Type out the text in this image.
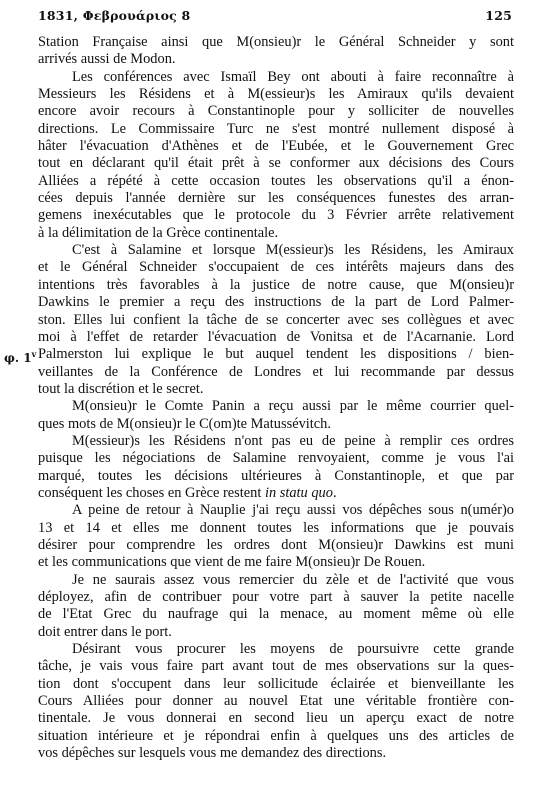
1831, Φεβρουάριος 8	125
Station Française ainsi que M(onsieu)r le Général Schneider y sont
arrivés aussi de Modon.
Les conférences avec Ismaïl Bey ont abouti à faire reconnaître à
Messieurs les Résidens et à M(essieur)s les Amiraux qu'ils devaient
encore avoir recours à Constantinople pour y solliciter de nouvelles
directions. Le Commissaire Turc ne s'est montré nullement disposé à
hâter l'évacuation d'Athènes et de l'Eubée, et le Gouvernement Grec
tout en déclarant qu'il était prêt à se conformer aux décisions des Cours
Alliées a répété à cette occasion toutes les observations qu'il a énon-
cées depuis l'année dernière sur les conséquences funestes des arran-
gemens inexécutables que le protocole du 3 Février arrête relativement
à la délimitation de la Grèce continentale.
C'est à Salamine et lorsque M(essieur)s les Résidens, les Amiraux
et le Général Schneider s'occupaient de ces intérêts majeurs dans des
intentions très favorables à la justice de notre cause, que M(onsieu)r
Dawkins le premier a reçu des instructions de la part de Lord Palmer-
ston. Elles lui confient la tâche de se concerter avec ses collègues et avec
moi à l'effet de retarder l'évacuation de Vonitsa et de l'Acarnanie. Lord
φ. 1$^v$ Palmerston lui explique le but auquel tendent les dispositions / bien-
veillantes de la Conférence de Londres et lui recommande par dessus
tout la discrétion et le secret.
M(onsieu)r le Comte Panin a reçu aussi par le même courrier quel-
ques mots de M(onsieu)r le C(om)te Matussévitch.
M(essieur)s les Résidens n'ont pas eu de peine à remplir ces ordres
puisque les négociations de Salamine renvoyaient, comme je vous l'ai
marqué, toutes les décisions ultérieures à Constantinople, et que par
conséquent les choses en Grèce restent in statu quo.
A peine de retour à Nauplie j'ai reçu aussi vos dépêches sous n(umér)o
13 et 14 et elles me donnent toutes les informations que je pouvais
désirer pour comprendre les ordres dont M(onsieu)r Dawkins est muni
et les communications que vient de me faire M(onsieu)r De Rouen.
Je ne saurais assez vous remercier du zèle et de l'activité que vous
déployez, afin de contribuer pour votre part à sauver la petite nacelle
de l'Etat Grec du naufrage qui la menace, au moment même où elle
doit entrer dans le port.
Désirant vous procurer les moyens de poursuivre cette grande
tâche, je vais vous faire part avant tout de mes observations sur la ques-
tion dont s'occupent dans leur sollicitude éclairée et bienveillante les
Cours Alliées pour donner au nouvel Etat une véritable frontière con-
tinentale. Je vous donnerai en second lieu un aperçu exact de notre
situation intérieure et je répondrai enfin à quelques uns des articles de
vos dépêches sur lesquels vous me demandez des directions.
